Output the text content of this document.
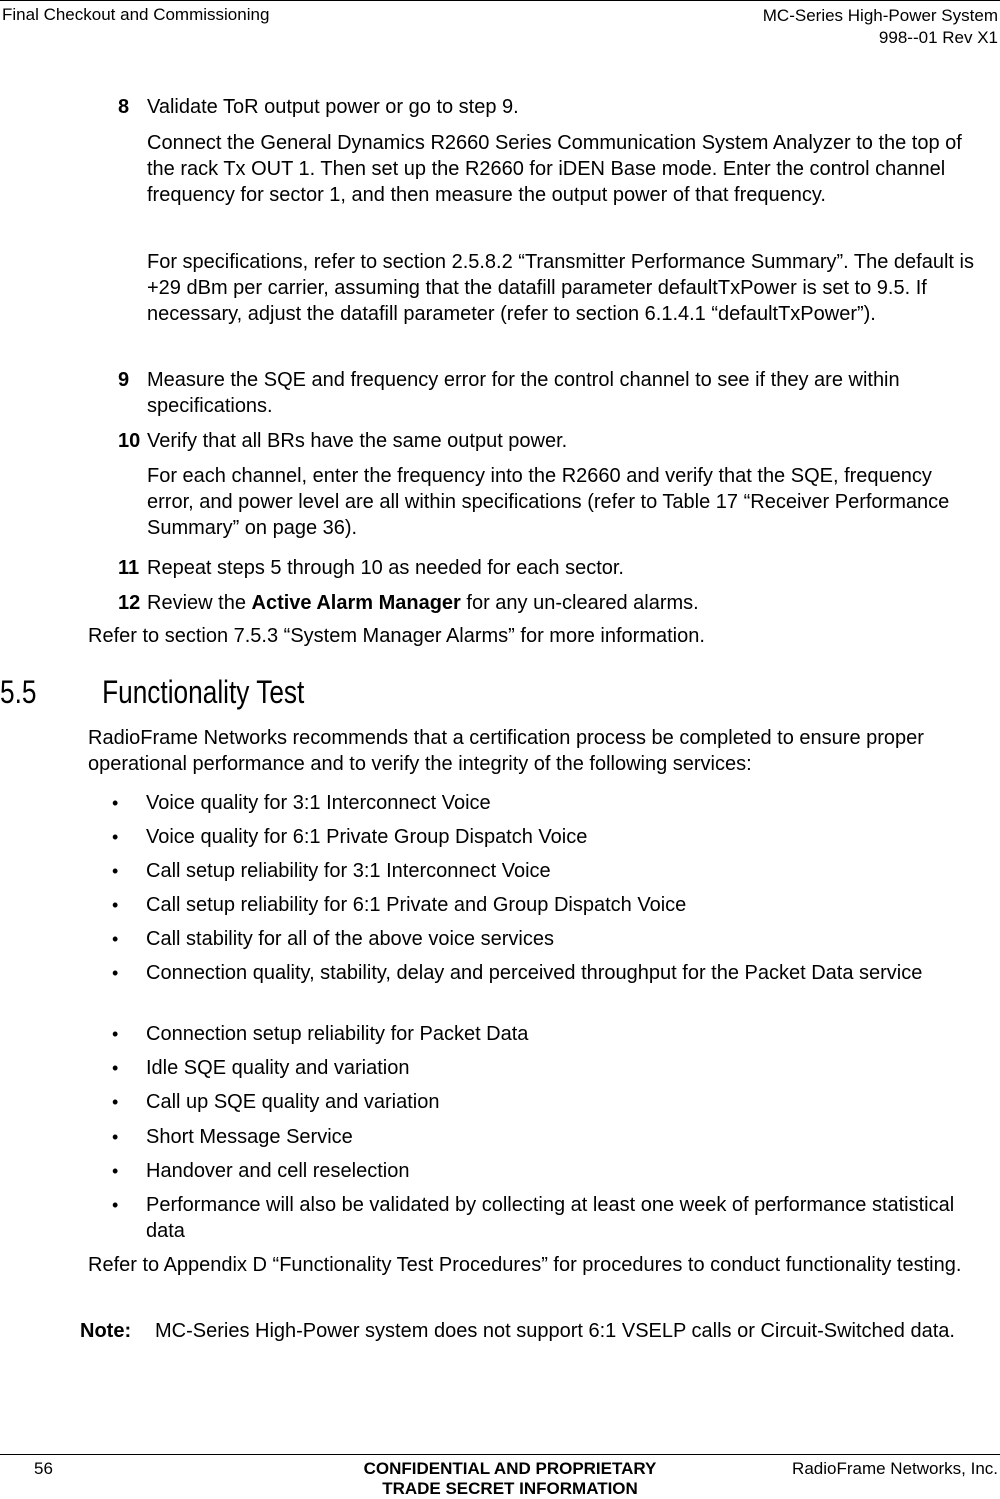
Final Checkout and Commissioning	MC-Series High-Power System
998--01 Rev X1
8 Validate ToR output power or go to step 9.
Connect the General Dynamics R2660 Series Communication System Analyzer to the top of the rack Tx OUT 1. Then set up the R2660 for iDEN Base mode. Enter the control channel frequency for sector 1, and then measure the output power of that frequency.
For specifications, refer to section 2.5.8.2 “Transmitter Performance Summary”. The default is +29 dBm per carrier, assuming that the datafill parameter defaultTxPower is set to 9.5. If necessary, adjust the datafill parameter (refer to section 6.1.4.1 “defaultTxPower”).
9 Measure the SQE and frequency error for the control channel to see if they are within specifications.
10 Verify that all BRs have the same output power.
For each channel, enter the frequency into the R2660 and verify that the SQE, frequency error, and power level are all within specifications (refer to Table 17 “Receiver Performance Summary” on page 36).
11 Repeat steps 5 through 10 as needed for each sector.
12 Review the Active Alarm Manager for any un-cleared alarms.
Refer to section 7.5.3 “System Manager Alarms” for more information.
5.5 Functionality Test
RadioFrame Networks recommends that a certification process be completed to ensure proper operational performance and to verify the integrity of the following services:
• Voice quality for 3:1 Interconnect Voice
• Voice quality for 6:1 Private Group Dispatch Voice
• Call setup reliability for 3:1 Interconnect Voice
• Call setup reliability for 6:1 Private and Group Dispatch Voice
• Call stability for all of the above voice services
• Connection quality, stability, delay and perceived throughput for the Packet Data service
• Connection setup reliability for Packet Data
• Idle SQE quality and variation
• Call up SQE quality and variation
• Short Message Service
• Handover and cell reselection
• Performance will also be validated by collecting at least one week of performance statistical data
Refer to Appendix D “Functionality Test Procedures” for procedures to conduct functionality testing.
Note: MC-Series High-Power system does not support 6:1 VSELP calls or Circuit-Switched data.
56	CONFIDENTIAL AND PROPRIETARY
TRADE SECRET INFORMATION
RadioFrame Networks, Inc.
